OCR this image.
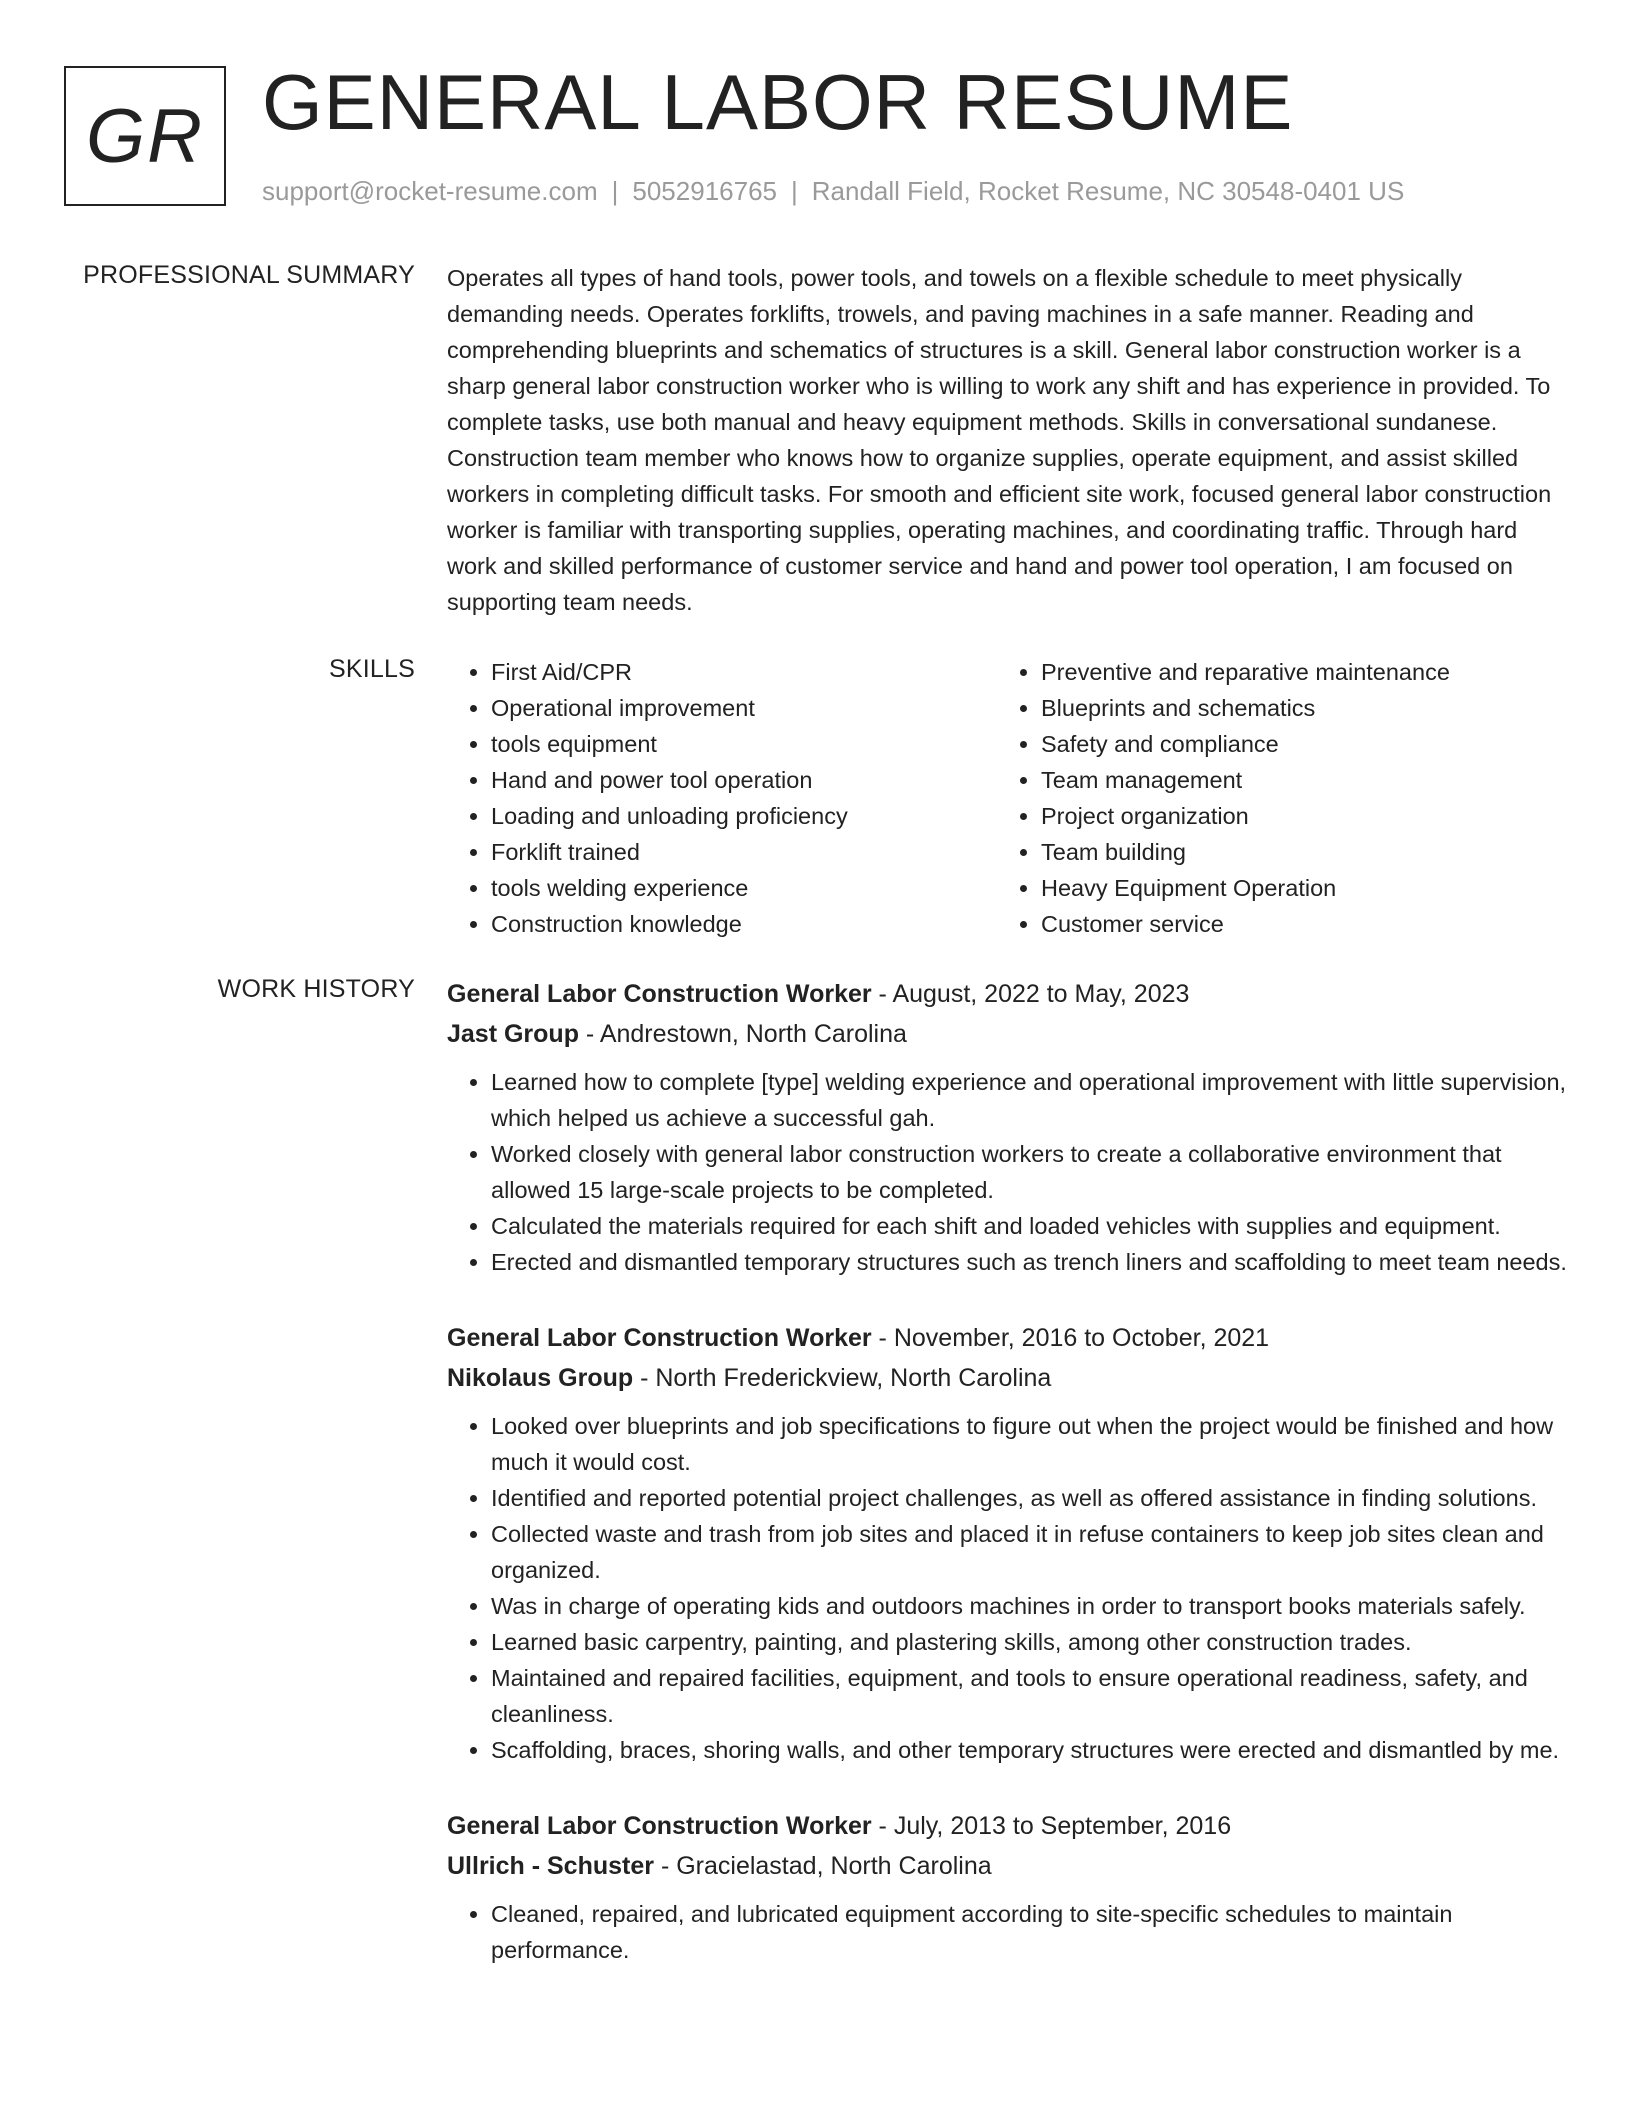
GR GENERAL LABOR RESUME
support@rocket-resume.com | 5052916765 | Randall Field, Rocket Resume, NC 30548-0401 US
PROFESSIONAL SUMMARY Operates all types of hand tools, power tools, and towels on a flexible schedule to meet physically demanding needs. Operates forklifts, trowels, and paving machines in a safe manner. Reading and comprehending blueprints and schematics of structures is a skill. General labor construction worker is a sharp general labor construction worker who is willing to work any shift and has experience in provided. To complete tasks, use both manual and heavy equipment methods. Skills in conversational sundanese. Construction team member who knows how to organize supplies, operate equipment, and assist skilled workers in completing difficult tasks. For smooth and efficient site work, focused general labor construction worker is familiar with transporting supplies, operating machines, and coordinating traffic. Through hard work and skilled performance of customer service and hand and power tool operation, I am focused on supporting team needs.

SKILLS
•	First Aid/CPR
• Operational improvement
• tools equipment
• Hand and power tool operation
• Loading and unloading proficiency
• Forklift trained
• tools welding experience
• Construction knowledge
• Preventive and reparative maintenance
• Blueprints and schematics
• Safety and compliance
• Team management
• Project organization
• Team building
• Heavy Equipment Operation
• Customer service
WORK HISTORY General Labor Construction Worker - August, 2022 to May, 2023
Jast Group - Andrestown, North Carolina
• Learned how to complete [type] welding experience and operational improvement with little supervision, which helped us achieve a successful gah.
• Worked closely with general labor construction workers to create a collaborative environment that allowed 15 large-scale projects to be completed.
• Calculated the materials required for each shift and loaded vehicles with supplies and equipment.
• Erected and dismantled temporary structures such as trench liners and scaffolding to meet team needs.
General Labor Construction Worker - November, 2016 to October, 2021
Nikolaus Group - North Frederickview, North Carolina
• Looked over blueprints and job specifications to figure out when the project would be finished and how much it would cost.
• Identified and reported potential project challenges, as well as offered assistance in finding solutions.
• Collected waste and trash from job sites and placed it in refuse containers to keep job sites clean and organized.
• Was in charge of operating kids and outdoors machines in order to transport books materials safely.
• Learned basic carpentry, painting, and plastering skills, among other construction trades.
• Maintained and repaired facilities, equipment, and tools to ensure operational readiness, safety, and cleanliness.
• Scaffolding, braces, shoring walls, and other temporary structures were erected and dismantled by me.
General Labor Construction Worker - July, 2013 to September, 2016
Ullrich - Schuster - Gracielastad, North Carolina
• Cleaned, repaired, and lubricated equipment according to site-specific schedules to maintain performance.
